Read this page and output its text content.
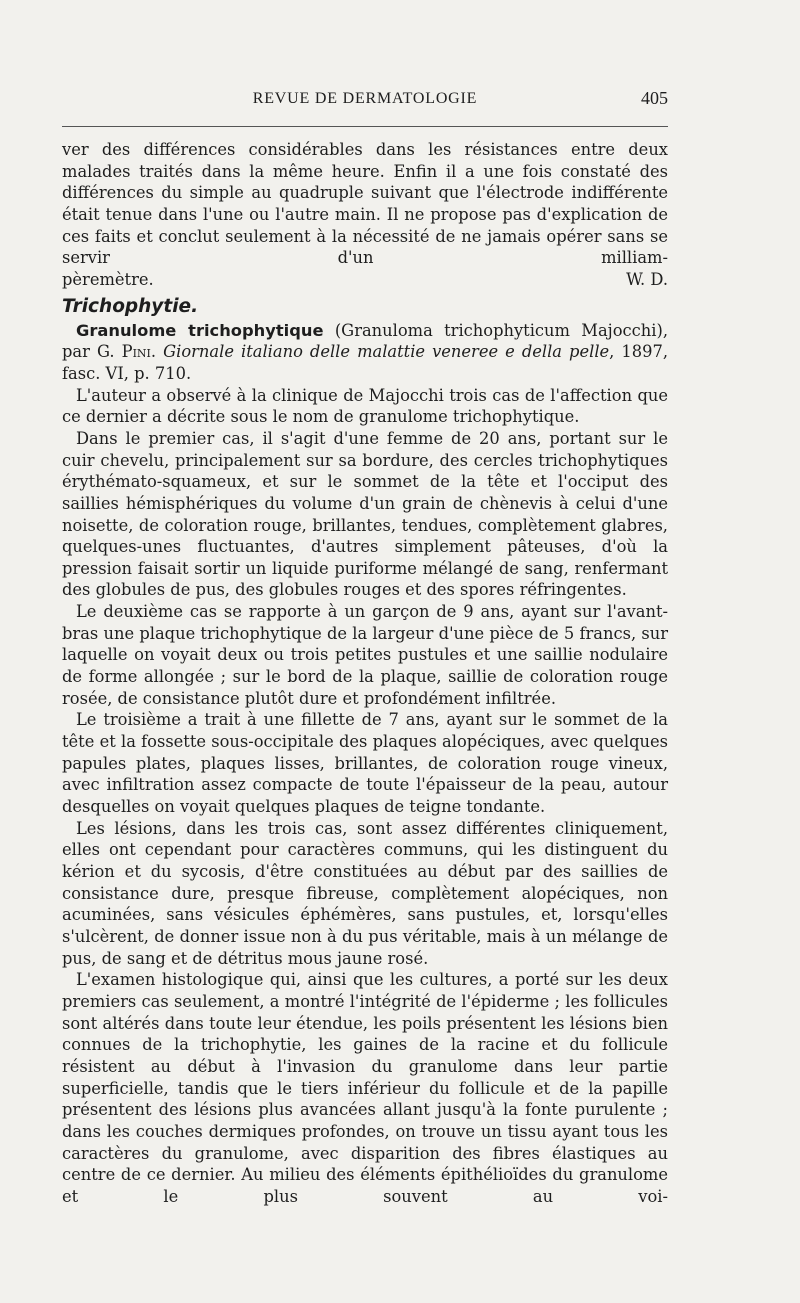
REVUE DE DERMATOLOGIE	405

ver des différences considérables dans les résistances entre deux malades traités dans la même heure. Enfin il a une fois constaté des différences du simple au quadruple suivant que l'électrode indifférente était tenue dans l'une ou l'autre main. Il ne propose pas d'explication de ces faits et conclut seulement à la nécessité de ne jamais opérer sans se servir d'un milliam-

pèremètre.	W. D.
Trichophytie.

Granulome trichophytique (Granuloma trichophyticum Majocchi), par G. Pini. Giornale italiano delle malattie veneree e della pelle, 1897, fasc. VI, p. 710.

L'auteur a observé à la clinique de Majocchi trois cas de l'affection que ce dernier a décrite sous le nom de granulome trichophytique.

Dans le premier cas, il s'agit d'une femme de 20 ans, portant sur le cuir chevelu, principalement sur sa bordure, des cercles trichophytiques érythémato-squameux, et sur le sommet de la tête et l'occiput des saillies hémisphériques du volume d'un grain de chènevis à celui d'une noisette, de coloration rouge, brillantes, tendues, complètement glabres, quelques-unes fluctuantes, d'autres simplement pâteuses, d'où la pression faisait sortir un liquide puriforme mélangé de sang, renfermant des globules de pus, des globules rouges et des spores réfringentes.

Le deuxième cas se rapporte à un garçon de 9 ans, ayant sur l'avant-bras une plaque trichophytique de la largeur d'une pièce de 5 francs, sur laquelle on voyait deux ou trois petites pustules et une saillie nodulaire de forme allongée ; sur le bord de la plaque, saillie de coloration rouge rosée, de consistance plutôt dure et profondément infiltrée.

Le troisième a trait à une fillette de 7 ans, ayant sur le sommet de la tête et la fossette sous-occipitale des plaques alopéciques, avec quelques papules plates, plaques lisses, brillantes, de coloration rouge vineux, avec infiltration assez compacte de toute l'épaisseur de la peau, autour desquelles on voyait quelques plaques de teigne tondante.

Les lésions, dans les trois cas, sont assez différentes cliniquement, elles ont cependant pour caractères communs, qui les distinguent du kérion et du sycosis, d'être constituées au début par des saillies de consistance dure, presque fibreuse, complètement alopéciques, non acuminées, sans vésicules éphémères, sans pustules, et, lorsqu'elles s'ulcèrent, de donner issue non à du pus véritable, mais à un mélange de pus, de sang et de détritus mous jaune rosé.

L'examen histologique qui, ainsi que les cultures, a porté sur les deux premiers cas seulement, a montré l'intégrité de l'épiderme ; les follicules sont altérés dans toute leur étendue, les poils présentent les lésions bien connues de la trichophytie, les gaines de la racine et du follicule résistent au début à l'invasion du granulome dans leur partie superficielle, tandis que le tiers inférieur du follicule et de la papille présentent des lésions plus avancées allant jusqu'à la fonte purulente ; dans les couches dermiques profondes, on trouve un tissu ayant tous les caractères du granulome, avec disparition des fibres élastiques au centre de ce dernier. Au milieu des éléments épithélioïdes du granulome et le plus souvent au voi-
